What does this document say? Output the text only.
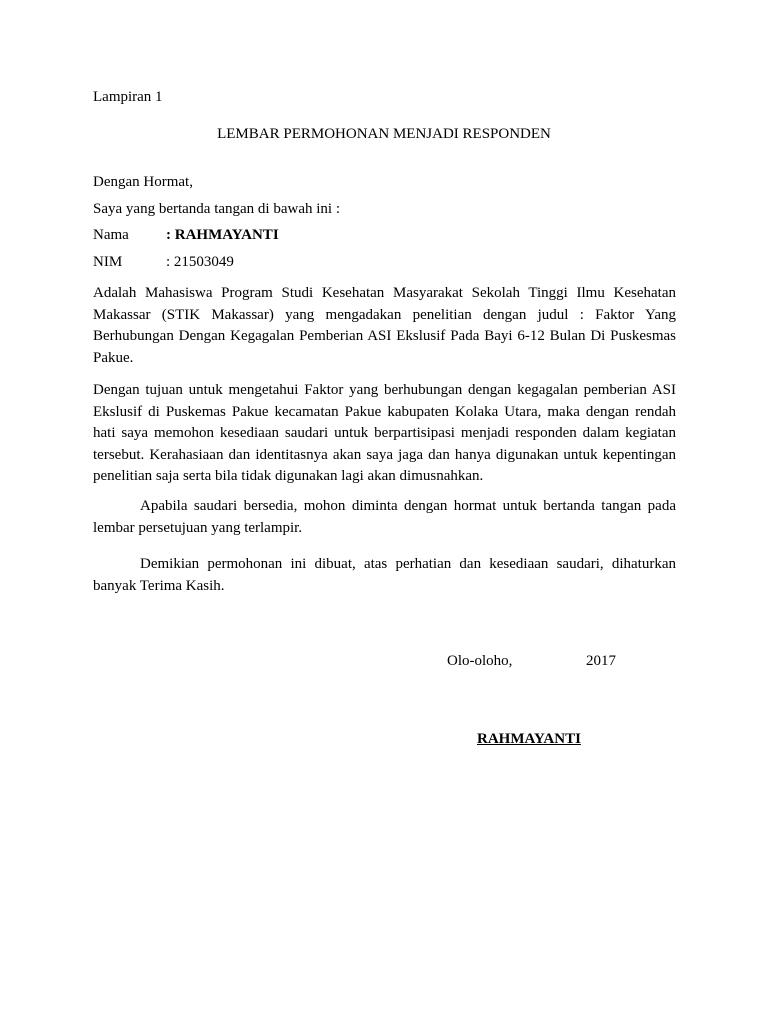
Lampiran 1
LEMBAR PERMOHONAN MENJADI RESPONDEN
Dengan Hormat,
Saya yang bertanda tangan di bawah ini :
Nama : RAHMAYANTI
NIM	: 21503049

Adalah Mahasiswa Program Studi Kesehatan Masyarakat Sekolah Tinggi Ilmu Kesehatan Makassar (STIK Makassar) yang mengadakan penelitian dengan judul : Faktor Yang Berhubungan Dengan Kegagalan Pemberian ASI Ekslusif Pada Bayi 6-12 Bulan Di Puskesmas Pakue.

Dengan tujuan untuk mengetahui Faktor yang berhubungan dengan kegagalan pemberian ASI Ekslusif di Puskemas Pakue kecamatan Pakue kabupaten Kolaka Utara, maka dengan rendah hati saya memohon kesediaan saudari untuk berpartisipasi menjadi responden dalam kegiatan tersebut. Kerahasiaan dan identitasnya akan saya jaga dan hanya digunakan untuk kepentingan penelitian saja serta bila tidak digunakan lagi akan dimusnahkan.

Apabila saudari bersedia, mohon diminta dengan hormat untuk bertanda tangan pada lembar persetujuan yang terlampir.

Demikian permohonan ini dibuat, atas perhatian dan kesediaan saudari, dihaturkan banyak Terima Kasih.

Olo-oloho,	2017
RAHMAYANTI
